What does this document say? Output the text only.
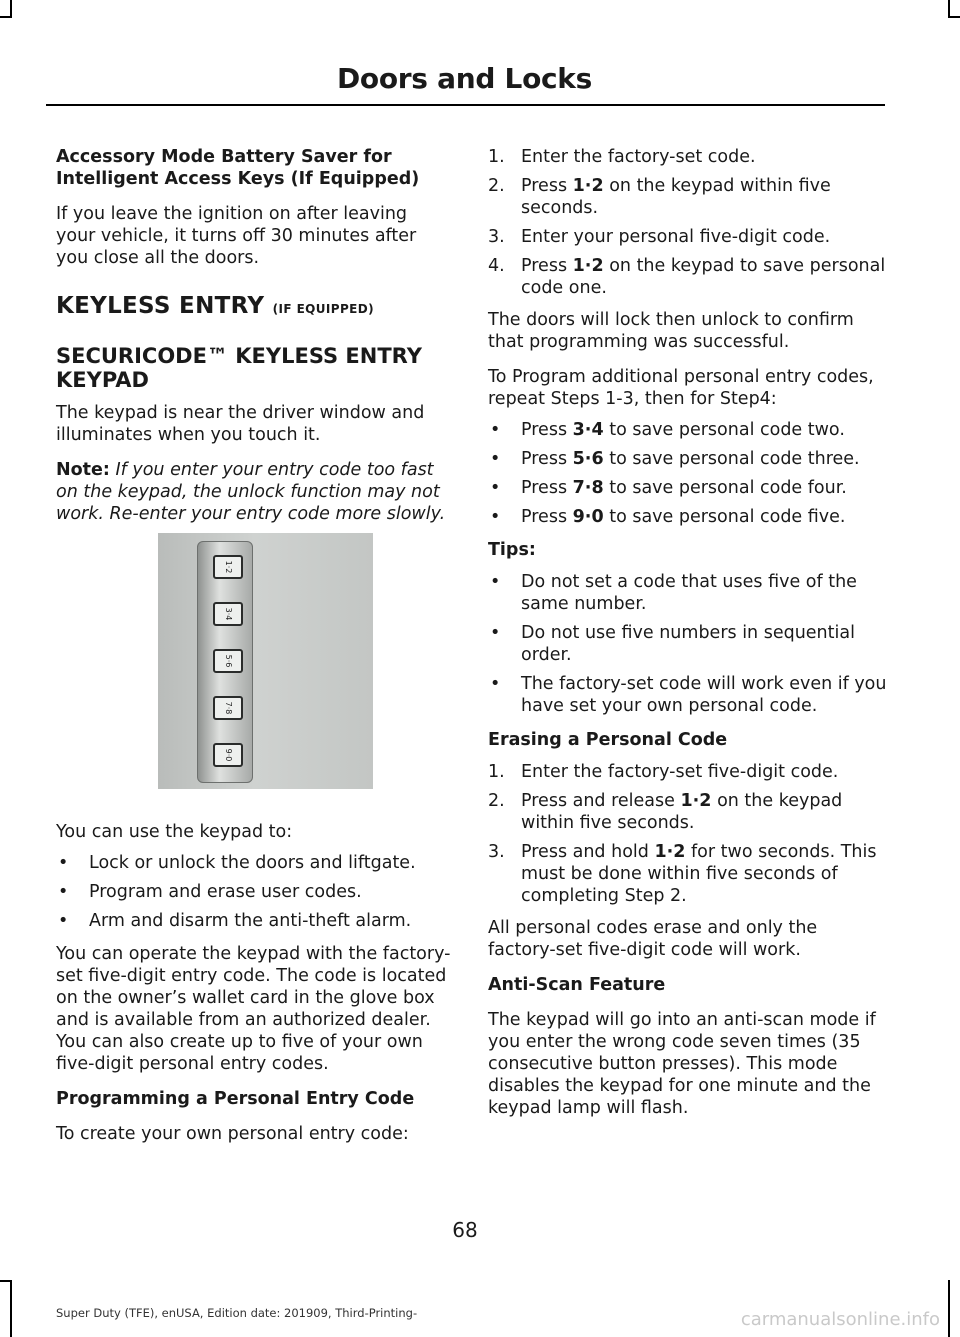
Doors and Locks

Accessory Mode Battery Saver for Intelligent Access Keys (If Equipped)

If you leave the ignition on after leaving your vehicle, it turns off 30 minutes after you close all the doors.

KEYLESS ENTRY (IF EQUIPPED)
SECURICODE™ KEYLESS ENTRY KEYPAD

The keypad is near the driver window and illuminates when you touch it.

Note: If you enter your entry code too fast on the keypad, the unlock function may not work. Re-enter your entry code more slowly.

1·2
3·4
5·6
7·8
9·0

You can use the keypad to:

• Lock or unlock the doors and liftgate.
• Program and erase user codes.
• Arm and disarm the anti-theft alarm.

You can operate the keypad with the factory-set five-digit entry code. The code is located on the owner’s wallet card in the glove box and is available from an authorized dealer. You can also create up to five of your own five-digit personal entry codes.

Programming a Personal Entry Code

To create your own personal entry code:

1. Enter the factory-set code.
2. Press 1·2 on the keypad within five seconds.
3. Enter your personal five-digit code.
4. Press 1·2 on the keypad to save personal code one.

The doors will lock then unlock to confirm that programming was successful.

To Program additional personal entry codes, repeat Steps 1-3, then for Step4:

• Press 3·4 to save personal code two.
• Press 5·6 to save personal code three.
• Press 7·8 to save personal code four.
• Press 9·0 to save personal code five.

Tips:

• Do not set a code that uses five of the same number.
• Do not use five numbers in sequential order.
• The factory-set code will work even if you have set your own personal code.

Erasing a Personal Code

1. Enter the factory-set five-digit code.
2. Press and release 1·2 on the keypad within five seconds.
3. Press and hold 1·2 for two seconds. This must be done within five seconds of completing Step 2.

All personal codes erase and only the factory-set five-digit code will work.

Anti-Scan Feature

The keypad will go into an anti-scan mode if you enter the wrong code seven times (35 consecutive button presses). This mode disables the keypad for one minute and the keypad lamp will flash.

68
Super Duty (TFE), enUSA, Edition date: 201909, Third-Printing-	carmanualsonline.info
